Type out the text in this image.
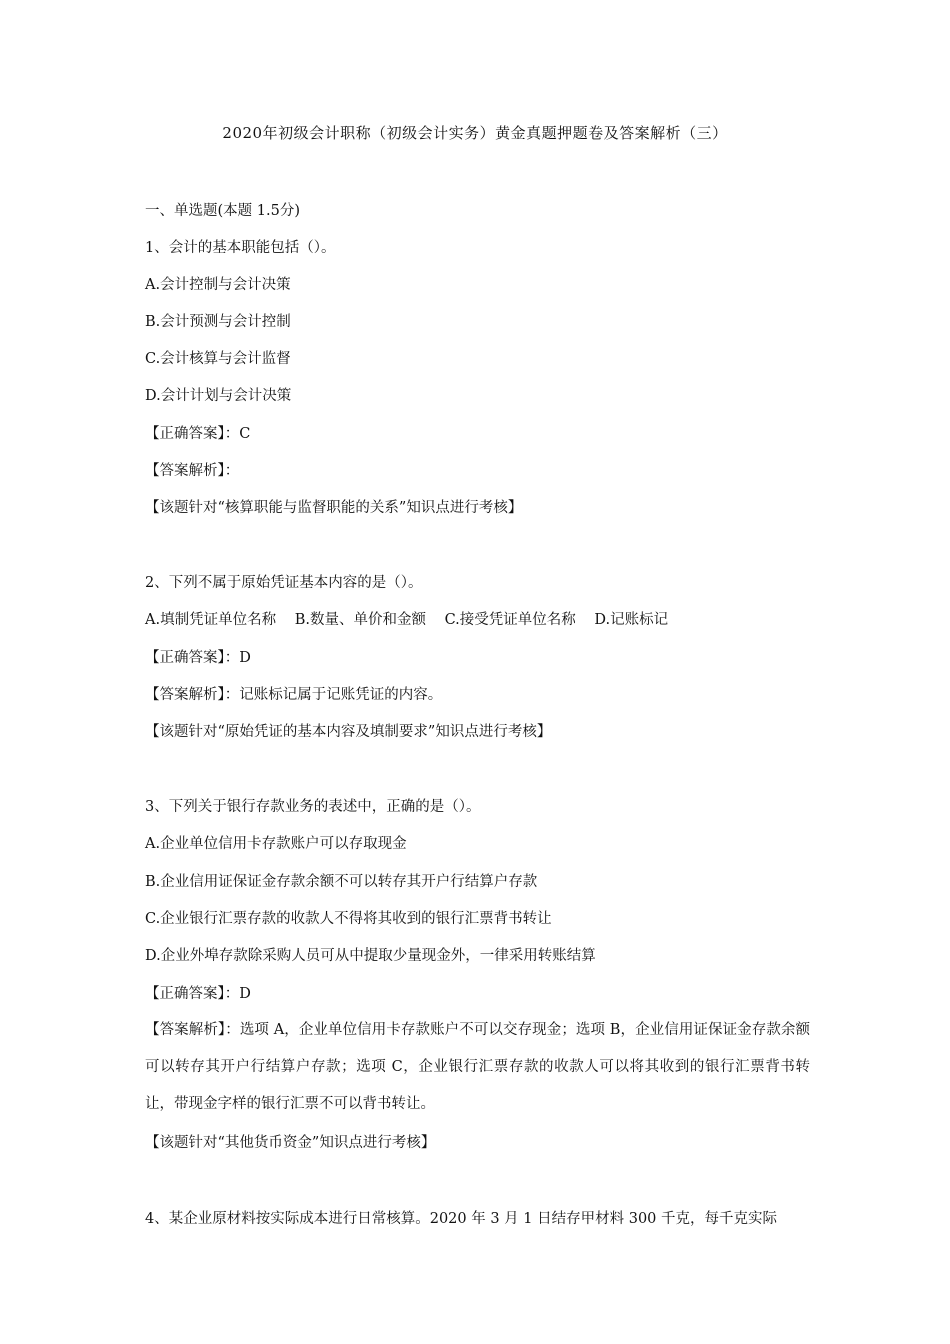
2020年初级会计职称（初级会计实务）黄金真题押题卷及答案解析（三）
一、单选题(本题 1.5分)
1、会计的基本职能包括（）。
A.会计控制与会计决策
B.会计预测与会计控制
C.会计核算与会计监督
D.会计计划与会计决策
【正确答案】：C
【答案解析】：
【该题针对“核算职能与监督职能的关系”知识点进行考核】
2、下列不属于原始凭证基本内容的是（）。
A.填制凭证单位名称 B.数量、单价和金额 C.接受凭证单位名称 D.记账标记
【正确答案】：D
【答案解析】：记账标记属于记账凭证的内容。
【该题针对“原始凭证的基本内容及填制要求”知识点进行考核】
3、下列关于银行存款业务的表述中，正确的是（）。
A.企业单位信用卡存款账户可以存取现金
B.企业信用证保证金存款余额不可以转存其开户行结算户存款
C.企业银行汇票存款的收款人不得将其收到的银行汇票背书转让
D.企业外埠存款除采购人员可从中提取少量现金外，一律采用转账结算
【正确答案】：D
【答案解析】：选项 A，企业单位信用卡存款账户不可以交存现金；选项 B，企业信用证保证金存款余额可以转存其开户行结算户存款；选项 C，企业银行汇票存款的收款人可以将其收到的银行汇票背书转让，带现金字样的银行汇票不可以背书转让。
【该题针对“其他货币资金”知识点进行考核】
4、某企业原材料按实际成本进行日常核算。2020 年 3 月 1 日结存甲材料 300 千克，每千克实际
